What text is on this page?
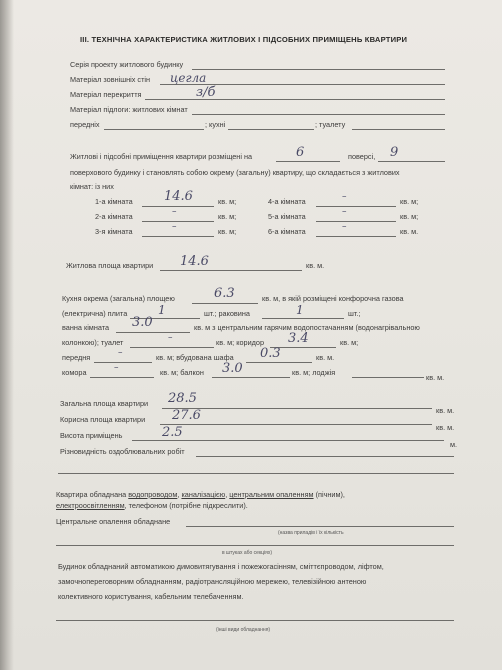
ІІІ. ТЕХНІЧНА ХАРАКТЕРИСТИКА ЖИТЛОВИХ І ПІДСОБНИХ ПРИМІЩЕНЬ КВАРТИРИ
Серія проекту житлового будинку
Матеріал зовнішніх стін цегла
Матеріал перекриття	з/б
Матеріал підлоги: житлових кімнат
передніх	; кухні	; туалету
Житлові і підсобні приміщення квартири розміщені на	6	поверсі, 9
поверхового будинку і становлять собою окрему (загальну) квартиру, що складається з житлових
кімнат: із них
1-а кімната 14.6	кв. м;
2-а кімната	–	кв. м;
3-я кімната	–	кв. м;
4-а кімната	–	кв. м;
5-а кімната	–	кв. м;
6-а кімната	–	кв. м.
Житлова площа квартири 14.6	кв. м.
Кухня окрема (загальна) площею	6.3	кв. м, в якій розміщені конфорочна газова
(електрична) плита	1	шт.; раковина	1	шт.;
ванна кімната 3.0	кв. м з центральним гарячим водопостачанням (водонагрівальною
колонкою); туалет	–	кв. м; коридор 3.4	кв. м;
передня	–	кв. м; вбудована шафа 0.3	кв. м.
комора	–	кв. м; балкон 3.0	кв. м; лоджія
кв. м.
Загальна площа квартири 28.5
кв. м.
Корисна площа квартири 27.6
кв. м.
Висота приміщень	2.5
м.
Різновидність оздоблювальних робіт
Квартира обладнана водопроводом, каналізацією, центральним опаленням (пічним),
електроосвітленням, телефоном (потрібне підкреслити).
Центральне опалення обладнане
(назва приладів і їх кількість
в штуках або секціях)
Будинок обладнаний автоматикою димовитягування і пожежогасінням, сміттєпроводом, ліфтом,
замочнопереговорним обладнанням, радіотрансляційною мережею, телевізійною антеною
колективного користування, кабельним телебаченням.
(інші види обладнання)
